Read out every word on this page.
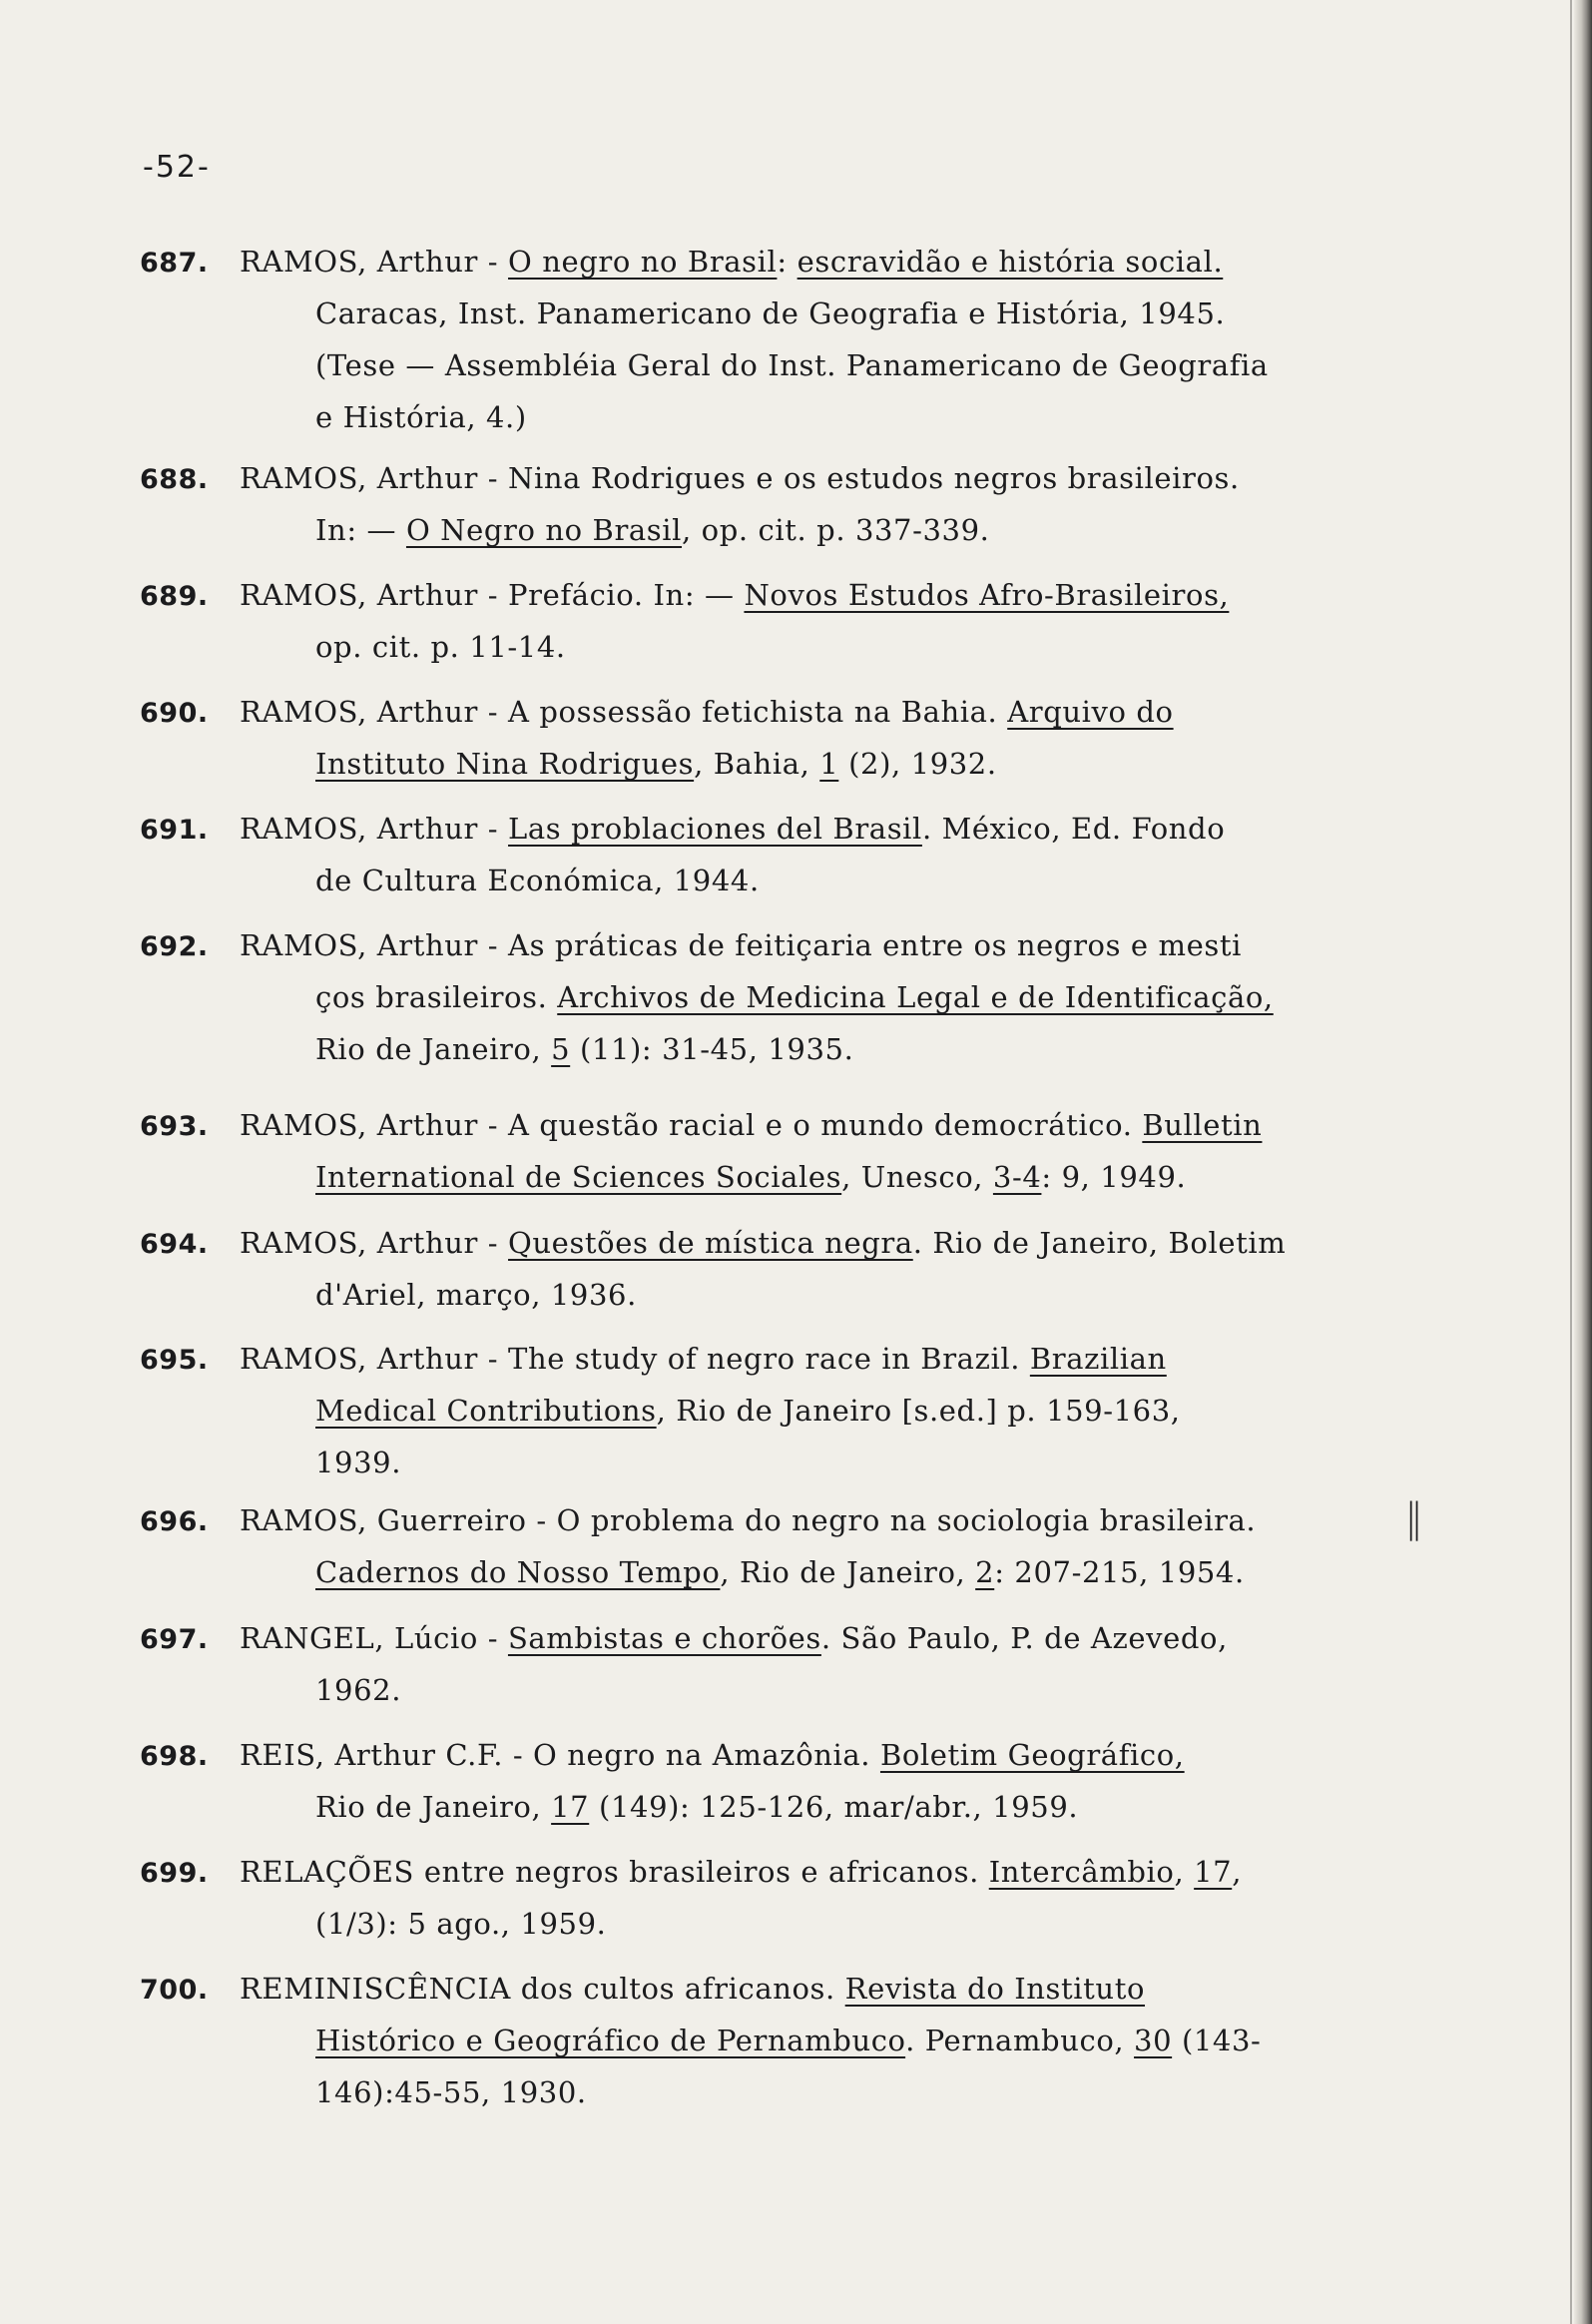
-52-
687. RAMOS, Arthur - O negro no Brasil: escravidão e história social.
Caracas, Inst. Panamericano de Geografia e História, 1945.
(Tese — Assembléia Geral do Inst. Panamericano de Geografia
e História, 4.)
688. RAMOS, Arthur - Nina Rodrigues e os estudos negros brasileiros.
In: — O Negro no Brasil, op. cit. p. 337-339.
689. RAMOS, Arthur - Prefácio. In: — Novos Estudos Afro-Brasileiros,
op. cit. p. 11-14.
690. RAMOS, Arthur - A possessão fetichista na Bahia. Arquivo do
Instituto Nina Rodrigues, Bahia, 1 (2), 1932.
691. RAMOS, Arthur - Las problaciones del Brasil. México, Ed. Fondo
de Cultura Económica, 1944.
692. RAMOS, Arthur - As práticas de feitiçaria entre os negros e mesti
ços brasileiros. Archivos de Medicina Legal e de Identificação,
Rio de Janeiro, 5 (11): 31-45, 1935.
693. RAMOS, Arthur - A questão racial e o mundo democrático. Bulletin
International de Sciences Sociales, Unesco, 3-4: 9, 1949.
694. RAMOS, Arthur - Questões de mística negra. Rio de Janeiro, Boletim
d'Ariel, março, 1936.
695. RAMOS, Arthur - The study of negro race in Brazil. Brazilian
Medical Contributions, Rio de Janeiro [s.ed.] p. 159-163,
1939.
696. RAMOS, Guerreiro - O problema do negro na sociologia brasileira.
Cadernos do Nosso Tempo, Rio de Janeiro, 2: 207-215, 1954.
697. RANGEL, Lúcio - Sambistas e chorões. São Paulo, P. de Azevedo,
1962.
698. REIS, Arthur C.F. - O negro na Amazônia. Boletim Geográfico,
Rio de Janeiro, 17 (149): 125-126, mar/abr., 1959.
699. RELAÇÕES entre negros brasileiros e africanos. Intercâmbio, 17,
(1/3): 5 ago., 1959.
700. REMINISCÊNCIA dos cultos africanos. Revista do Instituto
Histórico e Geográfico de Pernambuco. Pernambuco, 30 (143-
146):45-55, 1930.
||
